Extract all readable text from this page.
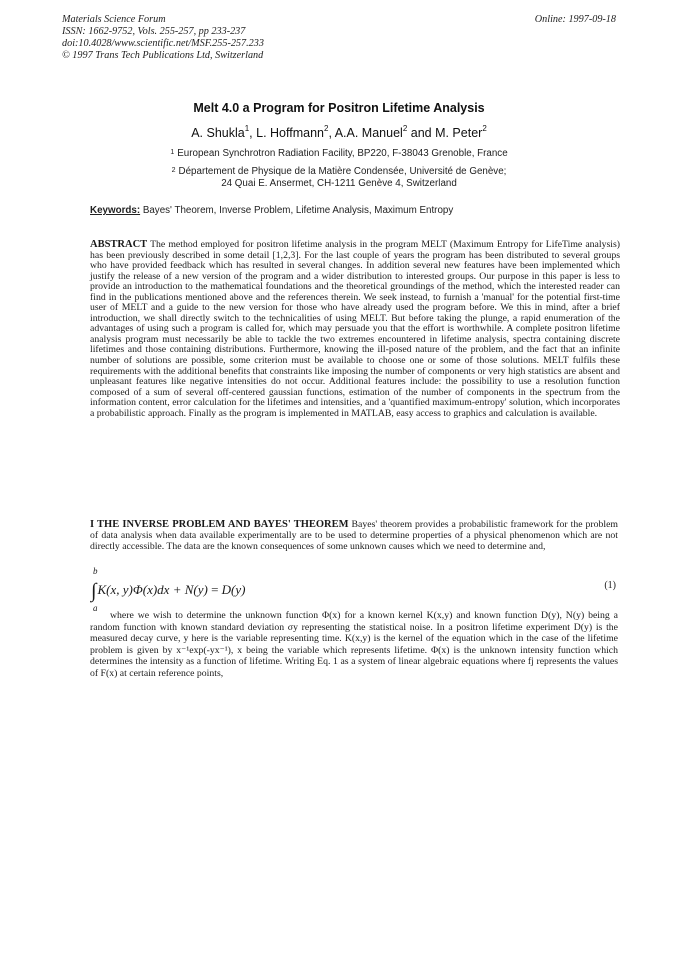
Materials Science Forum
ISSN: 1662-9752, Vols. 255-257, pp 233-237
doi:10.4028/www.scientific.net/MSF.255-257.233
© 1997 Trans Tech Publications Ltd, Switzerland
Online: 1997-09-18
Melt 4.0 a Program for Positron Lifetime Analysis
A. Shukla$^1$, L. Hoffmann$^2$, A.A. Manuel$^2$ and M. Peter$^2$
$^1$ European Synchrotron Radiation Facility, BP220, F-38043 Grenoble, France
$^2$ Département de Physique de la Matière Condensée, Université de Genève;
24 Quai E. Ansermet, CH-1211 Genève 4, Switzerland
Keywords: Bayes' Theorem, Inverse Problem, Lifetime Analysis, Maximum Entropy
ABSTRACT The method employed for positron lifetime analysis in the program MELT (Maximum Entropy for LifeTime analysis) has been previously described in some detail [1,2,3]. For the last couple of years the program has been distributed to several groups who have provided feedback which has resulted in several changes. In addition several new features have been implemented which justify the release of a new version of the program and a wider distribution to interested groups. Our purpose in this paper is less to provide an introduction to the mathematical foundations and the theoretical groundings of the method, which the interested reader can find in the publications mentioned above and the references therein. We seek instead, to furnish a 'manual' for the potential first-time user of MELT and a guide to the new version for those who have already used the program before. We this in mind, after a brief introduction, we shall directly switch to the technicalities of using MELT. But before taking the plunge, a rapid enumeration of the advantages of using such a program is called for, which may persuade you that the effort is worthwhile. A complete positron lifetime analysis program must necessarily be able to tackle the two extremes encountered in lifetime analysis, spectra containing discrete lifetimes and those containing distributions. Furthermore, knowing the ill-posed nature of the problem, and the fact that an infinite number of solutions are possible, some criterion must be available to choose one or some of those solutions. MELT fulfils these requirements with the additional benefits that constraints like imposing the number of components or very high statistics are absent and unpleasant features like negative intensities do not occur. Additional features include: the possibility to use a resolution function composed of a sum of several off-centered gaussian functions, estimation of the number of components in the spectrum from the information content, error calculation for the lifetimes and intensities, and a 'quantified maximum-entropy' solution, which incorporates a probabilistic approach. Finally as the program is implemented in MATLAB, easy access to graphics and calculation is available.
I THE INVERSE PROBLEM AND BAYES' THEOREM Bayes' theorem provides a probabilistic framework for the problem of data analysis when data available experimentally are to be used to determine properties of a physical phenomenon which are not directly accessible. The data are the known consequences of some unknown causes which we need to determine and,
b
∫K(x, y)Φ(x)dx + N(y) = D(y)	(1)
a
where we wish to determine the unknown function Φ(x) for a known kernel K(x,y) and known function D(y), N(y) being a random function with known standard deviation σy representing the statistical noise. In a positron lifetime experiment D(y) is the measured decay curve, y here is the variable representing time. K(x,y) is the kernel of the equation which in the case of the lifetime problem is given by x⁻¹exp(-yx⁻¹), x being the variable which represents lifetime. Φ(x) is the unknown intensity function which determines the intensity as a function of lifetime. Writing Eq. 1 as a system of linear algebraic equations where fj represents the values of F(x) at certain reference points,
